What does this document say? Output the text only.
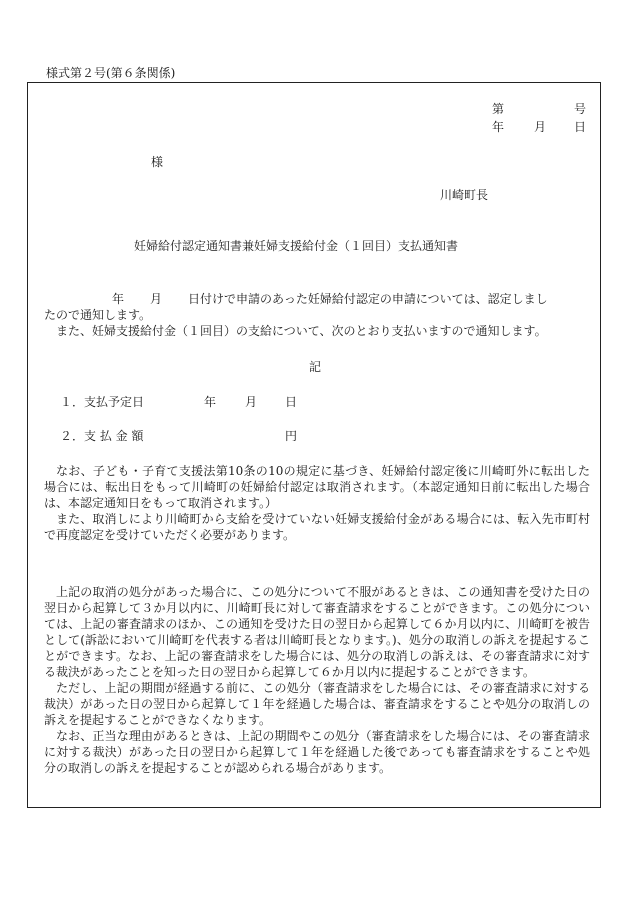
様式第２号(第６条関係)
第	号
年 月 日
様
川崎町長
妊婦給付認定通知書兼妊婦支援給付金（１回目）支払通知書
年 月 日付けで申請のあった妊婦給付認定の申請については、認定しまし
たので通知します。
また、妊婦支援給付金（１回目）の支給について、次のとおり支払いますので通知します。
記
１．支払予定日	年 月 日
２．支 払 金 額	円

なお、子ども・子育て支援法第10条の10の規定に基づき、妊婦給付認定後に川崎町外に転出した場合には、転出日をもって川崎町の妊婦給付認定は取消されます。（本認定通知日前に転出した場合は、本認定通知日をもって取消されます。）

また、取消しにより川崎町から支給を受けていない妊婦支援給付金がある場合には、転入先市町村で再度認定を受けていただく必要があります。

上記の取消の処分があった場合に、この処分について不服があるときは、この通知書を受けた日の翌日から起算して３か月以内に、川崎町長に対して審査請求をすることができます。この処分については、上記の審査請求のほか、この通知を受けた日の翌日から起算して６か月以内に、川崎町を被告として(訴訟において川崎町を代表する者は川崎町長となります。)、処分の取消しの訴えを提起することができます。なお、上記の審査請求をした場合には、処分の取消しの訴えは、その審査請求に対する裁決があったことを知った日の翌日から起算して６か月以内に提起することができます。

ただし、上記の期間が経過する前に、この処分（審査請求をした場合には、その審査請求に対する裁決）があった日の翌日から起算して１年を経過した場合は、審査請求をすることや処分の取消しの訴えを提起することができなくなります。

なお、正当な理由があるときは、上記の期間やこの処分（審査請求をした場合には、その審査請求に対する裁決）があった日の翌日から起算して１年を経過した後であっても審査請求をすることや処分の取消しの訴えを提起することが認められる場合があります。
